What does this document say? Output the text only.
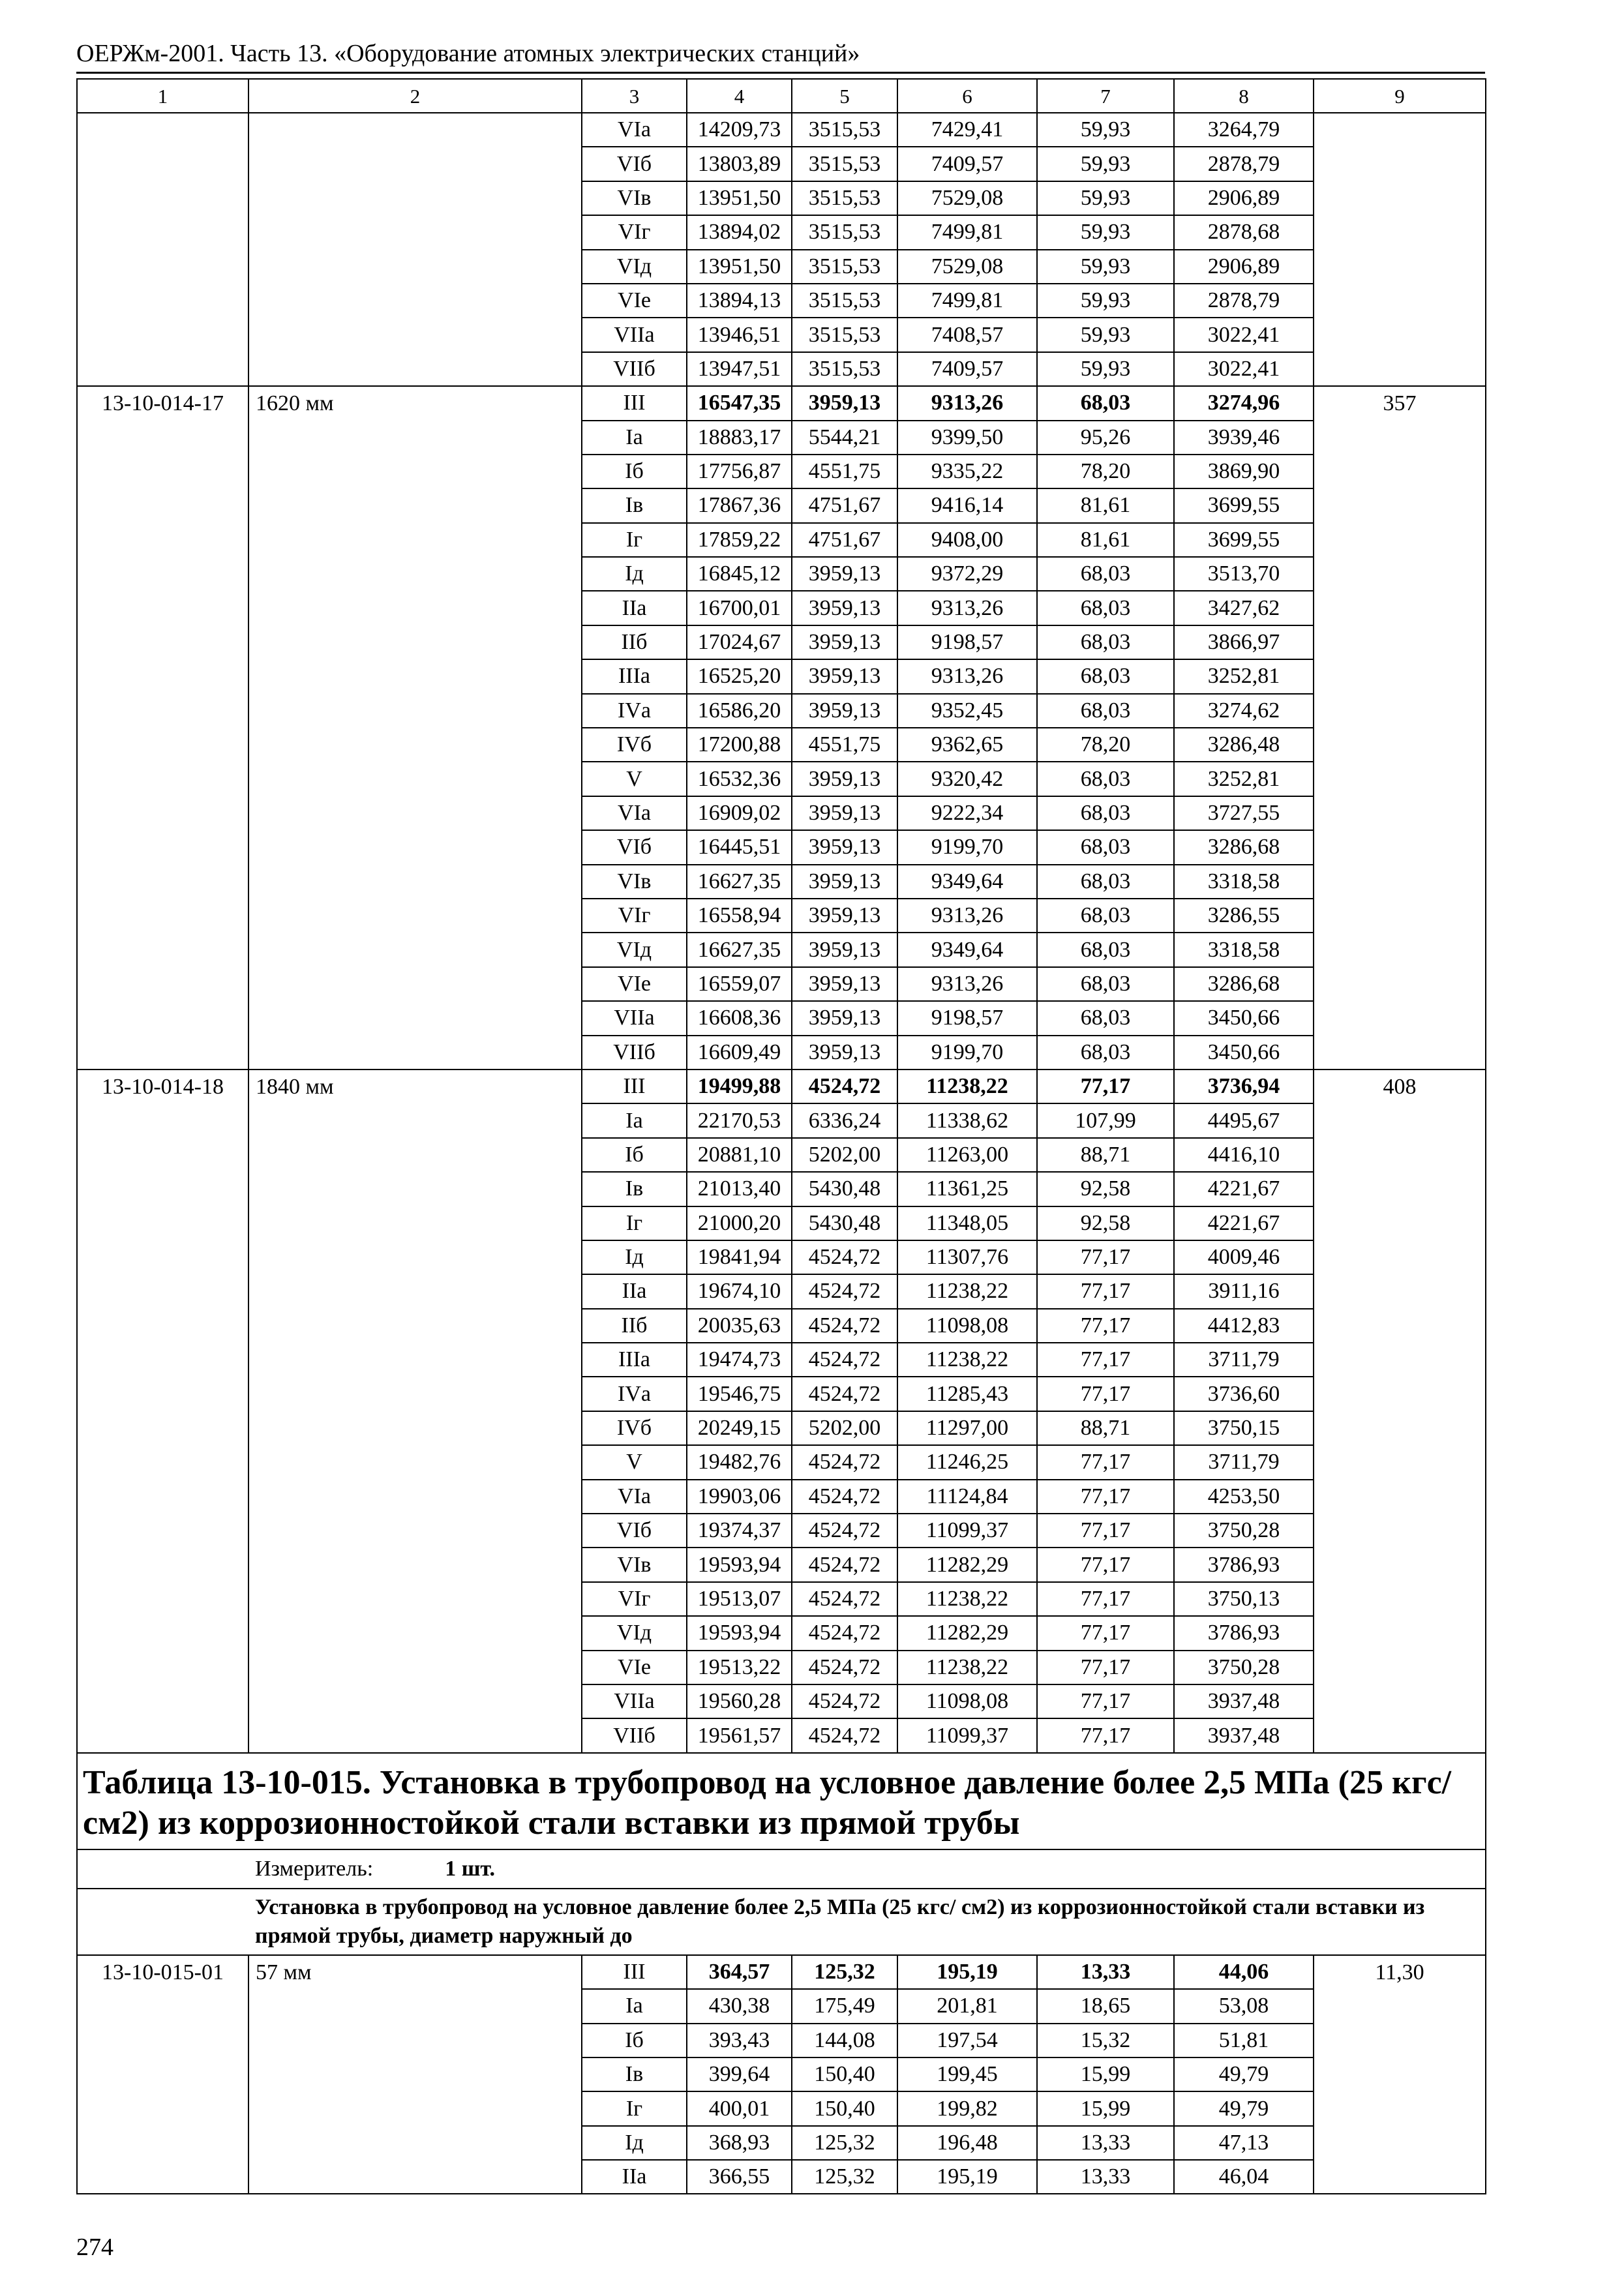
ОЕРЖм-2001. Часть 13. «Оборудование атомных электрических станций»
1	2	3	4	5	6	7	8	9
		VIа	14209,73	3515,53	7429,41	59,93	3264,79	
		VIб	13803,89	3515,53	7409,57	59,93	2878,79	
		VIв	13951,50	3515,53	7529,08	59,93	2906,89	
		VIг	13894,02	3515,53	7499,81	59,93	2878,68	
		VIд	13951,50	3515,53	7529,08	59,93	2906,89	
		VIе	13894,13	3515,53	7499,81	59,93	2878,79	
		VIIа	13946,51	3515,53	7408,57	59,93	3022,41	
		VIIб	13947,51	3515,53	7409,57	59,93	3022,41	
13-10-014-17	1620 мм	III	16547,35	3959,13	9313,26	68,03	3274,96	357
		Iа	18883,17	5544,21	9399,50	95,26	3939,46	
		Iб	17756,87	4551,75	9335,22	78,20	3869,90	
		Iв	17867,36	4751,67	9416,14	81,61	3699,55	
		Iг	17859,22	4751,67	9408,00	81,61	3699,55	
		Iд	16845,12	3959,13	9372,29	68,03	3513,70	
		IIа	16700,01	3959,13	9313,26	68,03	3427,62	
		IIб	17024,67	3959,13	9198,57	68,03	3866,97	
		IIIа	16525,20	3959,13	9313,26	68,03	3252,81	
		IVа	16586,20	3959,13	9352,45	68,03	3274,62	
		IVб	17200,88	4551,75	9362,65	78,20	3286,48	
		V	16532,36	3959,13	9320,42	68,03	3252,81	
		VIа	16909,02	3959,13	9222,34	68,03	3727,55	
		VIб	16445,51	3959,13	9199,70	68,03	3286,68	
		VIв	16627,35	3959,13	9349,64	68,03	3318,58	
		VIг	16558,94	3959,13	9313,26	68,03	3286,55	
		VIд	16627,35	3959,13	9349,64	68,03	3318,58	
		VIе	16559,07	3959,13	9313,26	68,03	3286,68	
		VIIа	16608,36	3959,13	9198,57	68,03	3450,66	
		VIIб	16609,49	3959,13	9199,70	68,03	3450,66	
13-10-014-18	1840 мм	III	19499,88	4524,72	11238,22	77,17	3736,94	408
		Iа	22170,53	6336,24	11338,62	107,99	4495,67	
		Iб	20881,10	5202,00	11263,00	88,71	4416,10	
		Iв	21013,40	5430,48	11361,25	92,58	4221,67	
		Iг	21000,20	5430,48	11348,05	92,58	4221,67	
		Iд	19841,94	4524,72	11307,76	77,17	4009,46	
		IIа	19674,10	4524,72	11238,22	77,17	3911,16	
		IIб	20035,63	4524,72	11098,08	77,17	4412,83	
		IIIа	19474,73	4524,72	11238,22	77,17	3711,79	
		IVа	19546,75	4524,72	11285,43	77,17	3736,60	
		IVб	20249,15	5202,00	11297,00	88,71	3750,15	
		V	19482,76	4524,72	11246,25	77,17	3711,79	
		VIа	19903,06	4524,72	11124,84	77,17	4253,50	
		VIб	19374,37	4524,72	11099,37	77,17	3750,28	
		VIв	19593,94	4524,72	11282,29	77,17	3786,93	
		VIг	19513,07	4524,72	11238,22	77,17	3750,13	
		VIд	19593,94	4524,72	11282,29	77,17	3786,93	
		VIе	19513,22	4524,72	11238,22	77,17	3750,28	
		VIIа	19560,28	4524,72	11098,08	77,17	3937,48	
		VIIб	19561,57	4524,72	11099,37	77,17	3937,48	
Таблица 13-10-015. Установка в трубопровод на условное давление более 2,5 МПа (25 кгс/ см2) из коррозионностойкой стали вставки из прямой трубы								
	Измеритель: 1 шт.							
	Установка в трубопровод на условное давление более 2,5 МПа (25 кгс/ см2) из коррозионностойкой стали вставки из прямой трубы, диаметр наружный до							
13-10-015-01	57 мм	III	364,57	125,32	195,19	13,33	44,06	11,30
		Iа	430,38	175,49	201,81	18,65	53,08	
		Iб	393,43	144,08	197,54	15,32	51,81	
		Iв	399,64	150,40	199,45	15,99	49,79	
		Iг	400,01	150,40	199,82	15,99	49,79	
		Iд	368,93	125,32	196,48	13,33	47,13	
		IIа	366,55	125,32	195,19	13,33	46,04	
274
